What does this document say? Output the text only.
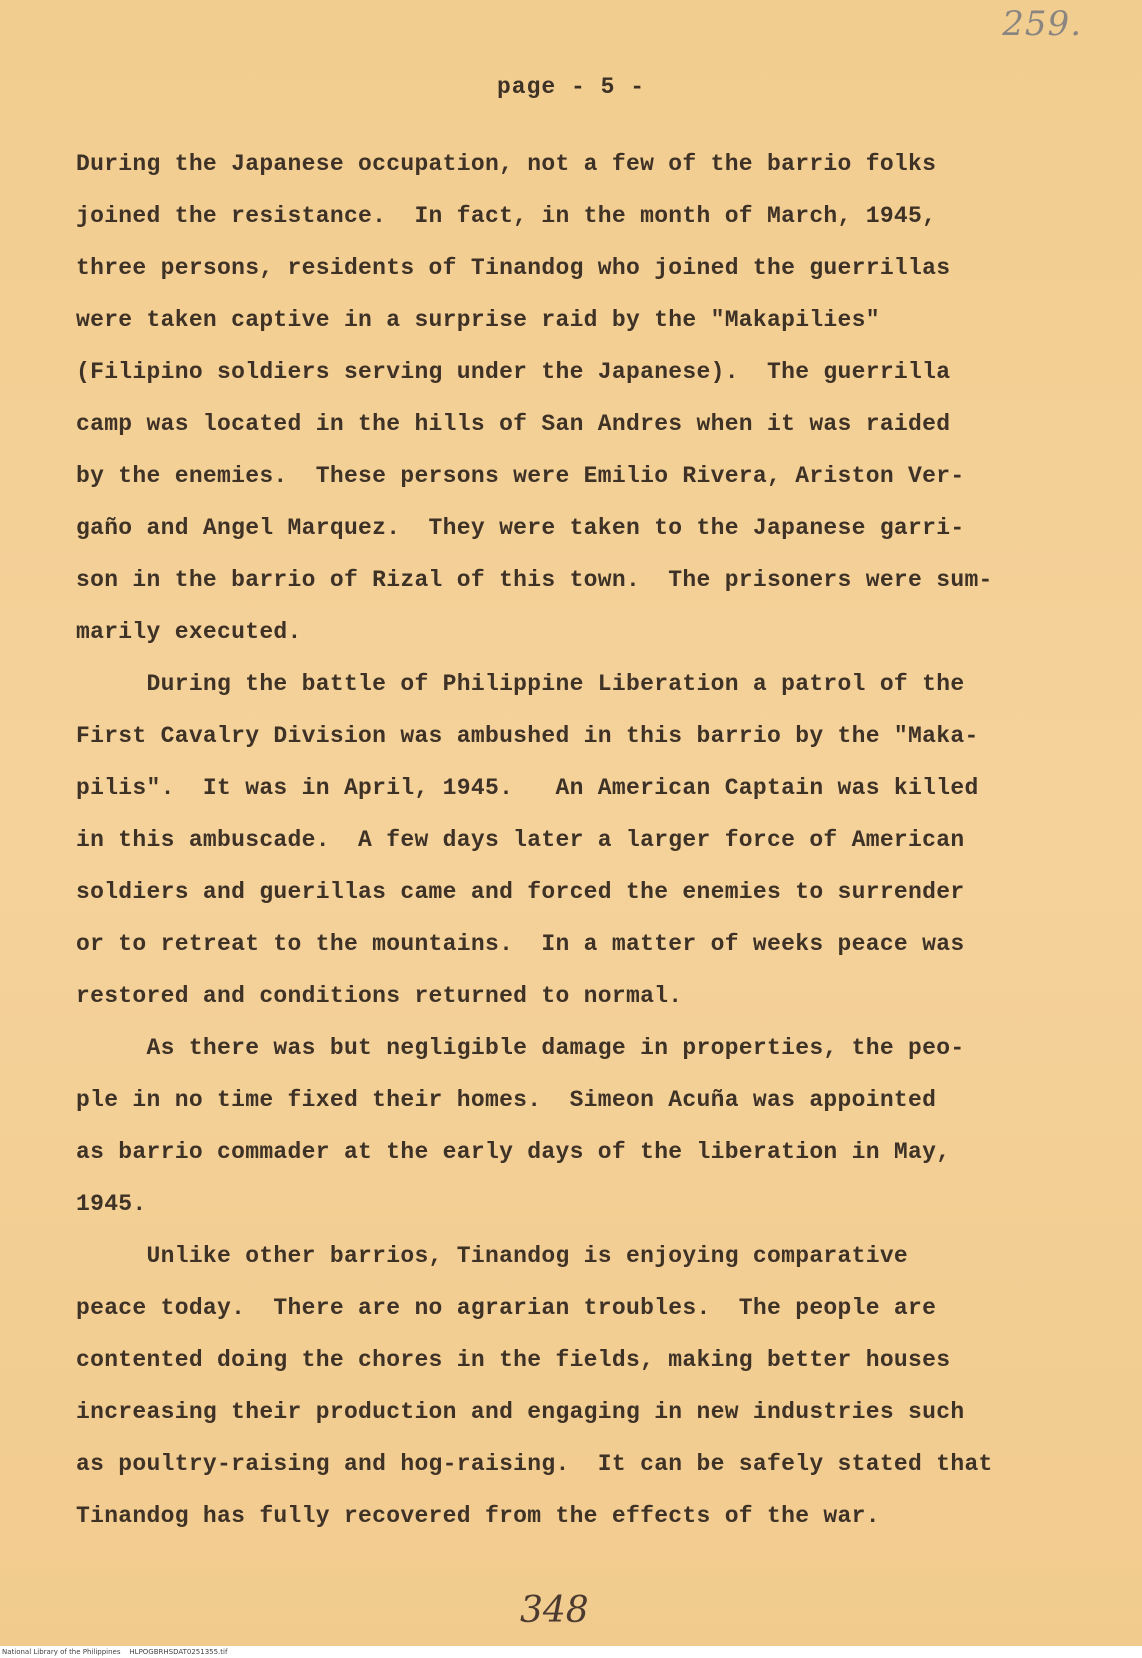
259.
page - 5 -
During the Japanese occupation, not a few of the barrio folks
joined the resistance.  In fact, in the month of March, 1945,
three persons, residents of Tinandog who joined the guerrillas
were taken captive in a surprise raid by the "Makapilies"
(Filipino soldiers serving under the Japanese).  The guerrilla
camp was located in the hills of San Andres when it was raided
by the enemies.  These persons were Emilio Rivera, Ariston Ver-
gaño and Angel Marquez.  They were taken to the Japanese garri-
son in the barrio of Rizal of this town.  The prisoners were sum-
marily executed.
During the battle of Philippine Liberation a patrol of the
First Cavalry Division was ambushed in this barrio by the "Maka-
pilis".  It was in April, 1945.   An American Captain was killed
in this ambuscade.  A few days later a larger force of American
soldiers and guerillas came and forced the enemies to surrender
or to retreat to the mountains.  In a matter of weeks peace was
restored and conditions returned to normal.
As there was but negligible damage in properties, the peo-
ple in no time fixed their homes.  Simeon Acuña was appointed
as barrio commader at the early days of the liberation in May,
1945.
Unlike other barrios, Tinandog is enjoying comparative
peace today.  There are no agrarian troubles.  The people are
contented doing the chores in the fields, making better houses
increasing their production and engaging in new industries such
as poultry-raising and hog-raising.  It can be safely stated that
Tinandog has fully recovered from the effects of the war.
348
National Library of the Philippines HLPOGBRHSDAT0251355.tif
